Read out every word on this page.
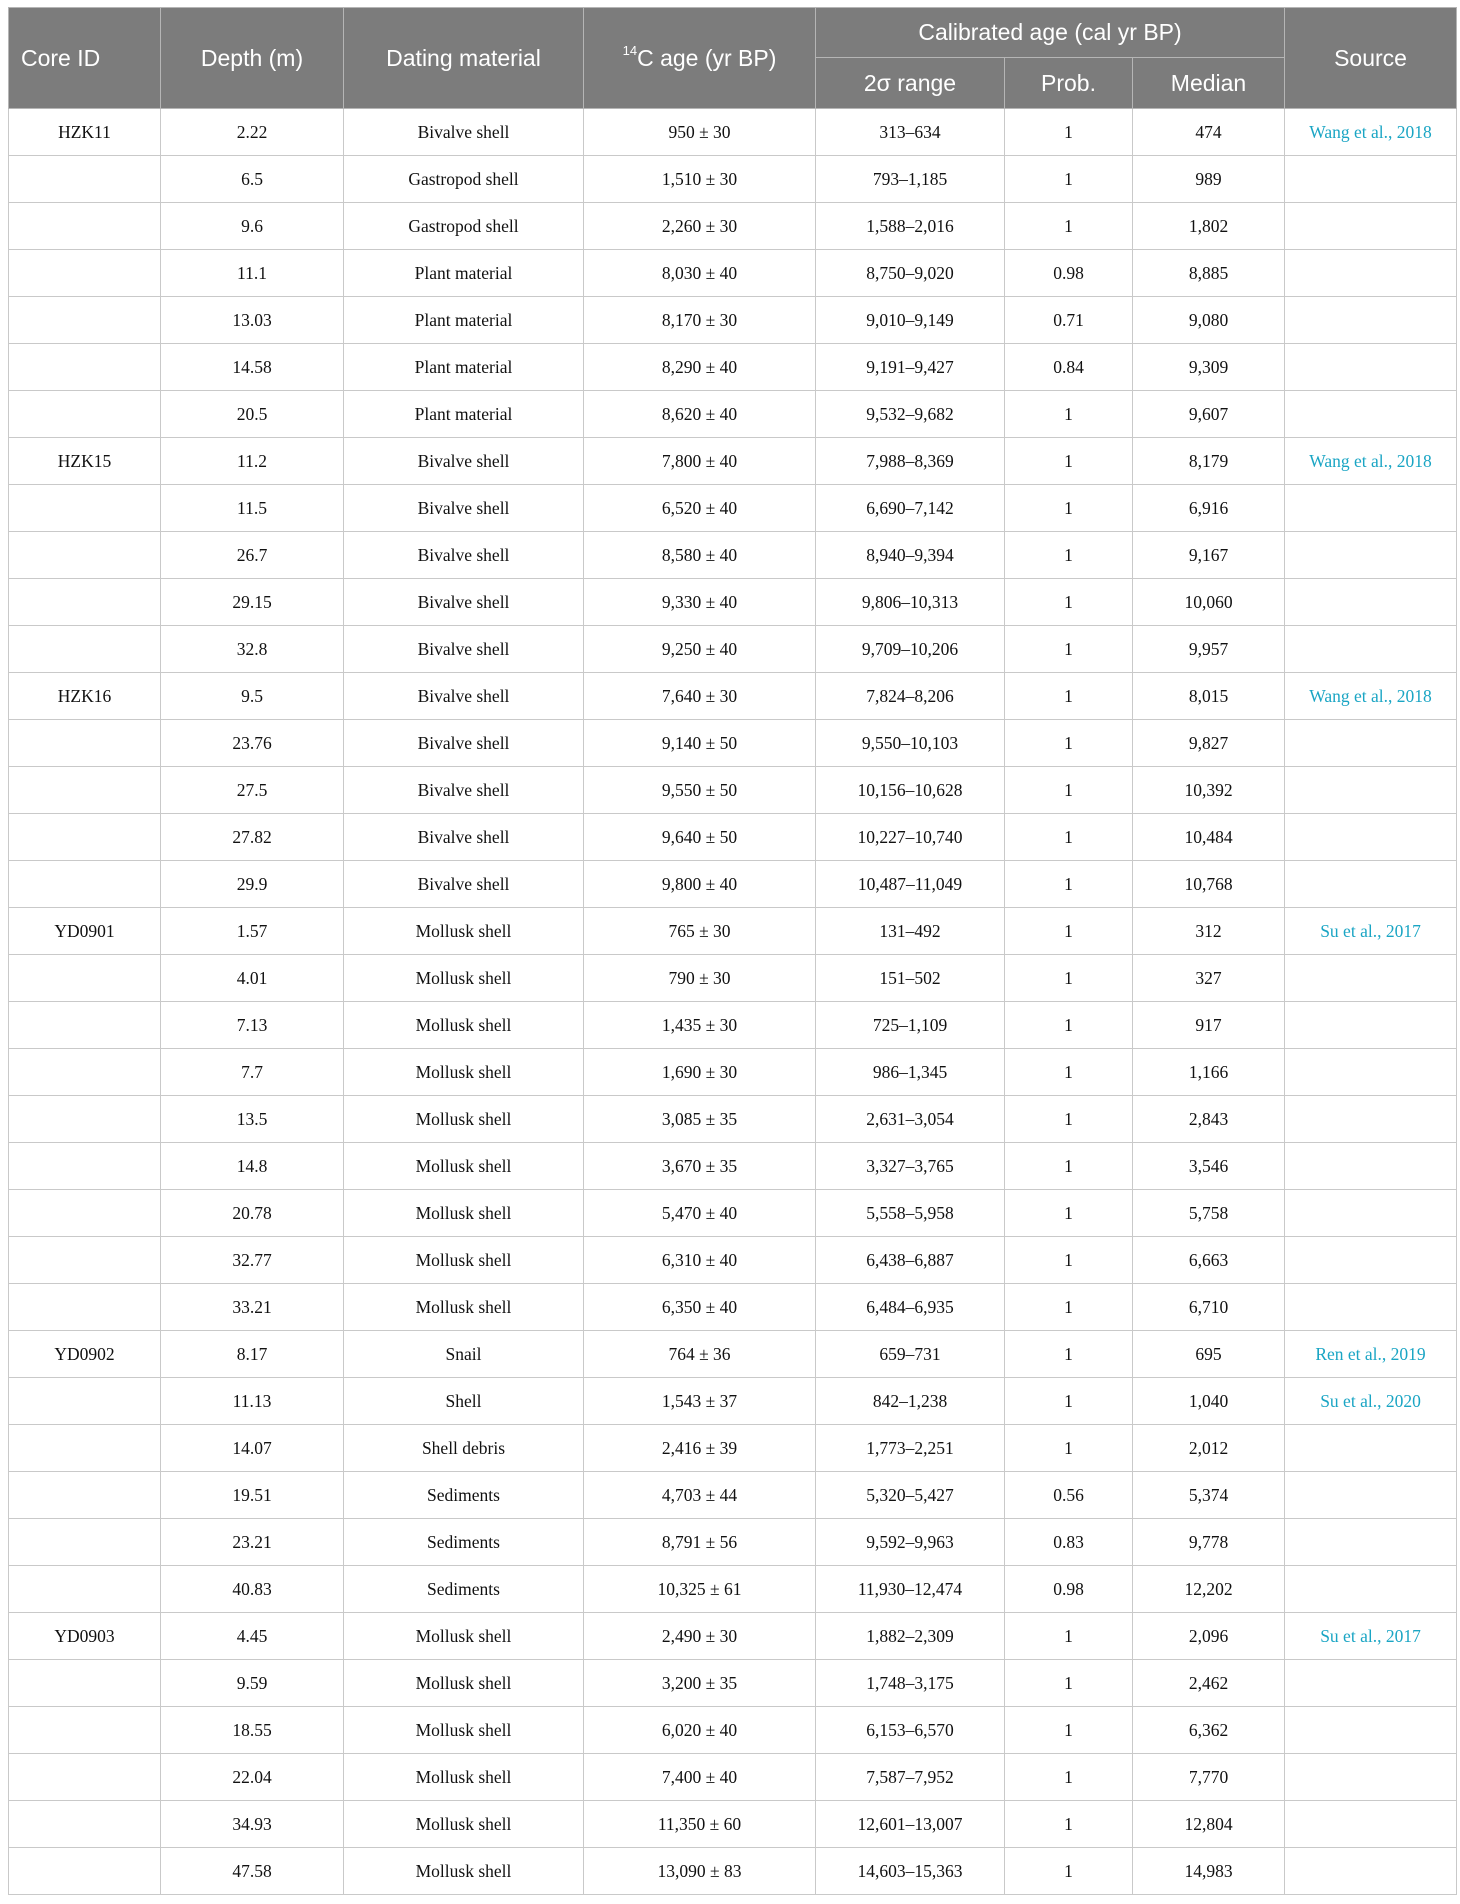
Core ID	Depth (m)	Dating material	$^{14}$C age (yr BP)	Calibrated age (cal yr BP)			Source
				2σ range	Prob.	Median	
HZK11	2.22	Bivalve shell	950 ± 30	313–634	1	474	Wang et al., 2018
	6.5	Gastropod shell	1,510 ± 30	793–1,185	1	989	
	9.6	Gastropod shell	2,260 ± 30	1,588–2,016	1	1,802	
	11.1	Plant material	8,030 ± 40	8,750–9,020	0.98	8,885	
	13.03	Plant material	8,170 ± 30	9,010–9,149	0.71	9,080	
	14.58	Plant material	8,290 ± 40	9,191–9,427	0.84	9,309	
	20.5	Plant material	8,620 ± 40	9,532–9,682	1	9,607	
HZK15	11.2	Bivalve shell	7,800 ± 40	7,988–8,369	1	8,179	Wang et al., 2018
	11.5	Bivalve shell	6,520 ± 40	6,690–7,142	1	6,916	
	26.7	Bivalve shell	8,580 ± 40	8,940–9,394	1	9,167	
	29.15	Bivalve shell	9,330 ± 40	9,806–10,313	1	10,060	
	32.8	Bivalve shell	9,250 ± 40	9,709–10,206	1	9,957	
HZK16	9.5	Bivalve shell	7,640 ± 30	7,824–8,206	1	8,015	Wang et al., 2018
	23.76	Bivalve shell	9,140 ± 50	9,550–10,103	1	9,827	
	27.5	Bivalve shell	9,550 ± 50	10,156–10,628	1	10,392	
	27.82	Bivalve shell	9,640 ± 50	10,227–10,740	1	10,484	
	29.9	Bivalve shell	9,800 ± 40	10,487–11,049	1	10,768	
YD0901	1.57	Mollusk shell	765 ± 30	131–492	1	312	Su et al., 2017
	4.01	Mollusk shell	790 ± 30	151–502	1	327	
	7.13	Mollusk shell	1,435 ± 30	725–1,109	1	917	
	7.7	Mollusk shell	1,690 ± 30	986–1,345	1	1,166	
	13.5	Mollusk shell	3,085 ± 35	2,631–3,054	1	2,843	
	14.8	Mollusk shell	3,670 ± 35	3,327–3,765	1	3,546	
	20.78	Mollusk shell	5,470 ± 40	5,558–5,958	1	5,758	
	32.77	Mollusk shell	6,310 ± 40	6,438–6,887	1	6,663	
	33.21	Mollusk shell	6,350 ± 40	6,484–6,935	1	6,710	
YD0902	8.17	Snail	764 ± 36	659–731	1	695	Ren et al., 2019
	11.13	Shell	1,543 ± 37	842–1,238	1	1,040	Su et al., 2020
	14.07	Shell debris	2,416 ± 39	1,773–2,251	1	2,012	
	19.51	Sediments	4,703 ± 44	5,320–5,427	0.56	5,374	
	23.21	Sediments	8,791 ± 56	9,592–9,963	0.83	9,778	
	40.83	Sediments	10,325 ± 61	11,930–12,474	0.98	12,202	
YD0903	4.45	Mollusk shell	2,490 ± 30	1,882–2,309	1	2,096	Su et al., 2017
	9.59	Mollusk shell	3,200 ± 35	1,748–3,175	1	2,462	
	18.55	Mollusk shell	6,020 ± 40	6,153–6,570	1	6,362	
	22.04	Mollusk shell	7,400 ± 40	7,587–7,952	1	7,770	
	34.93	Mollusk shell	11,350 ± 60	12,601–13,007	1	12,804	
	47.58	Mollusk shell	13,090 ± 83	14,603–15,363	1	14,983	
